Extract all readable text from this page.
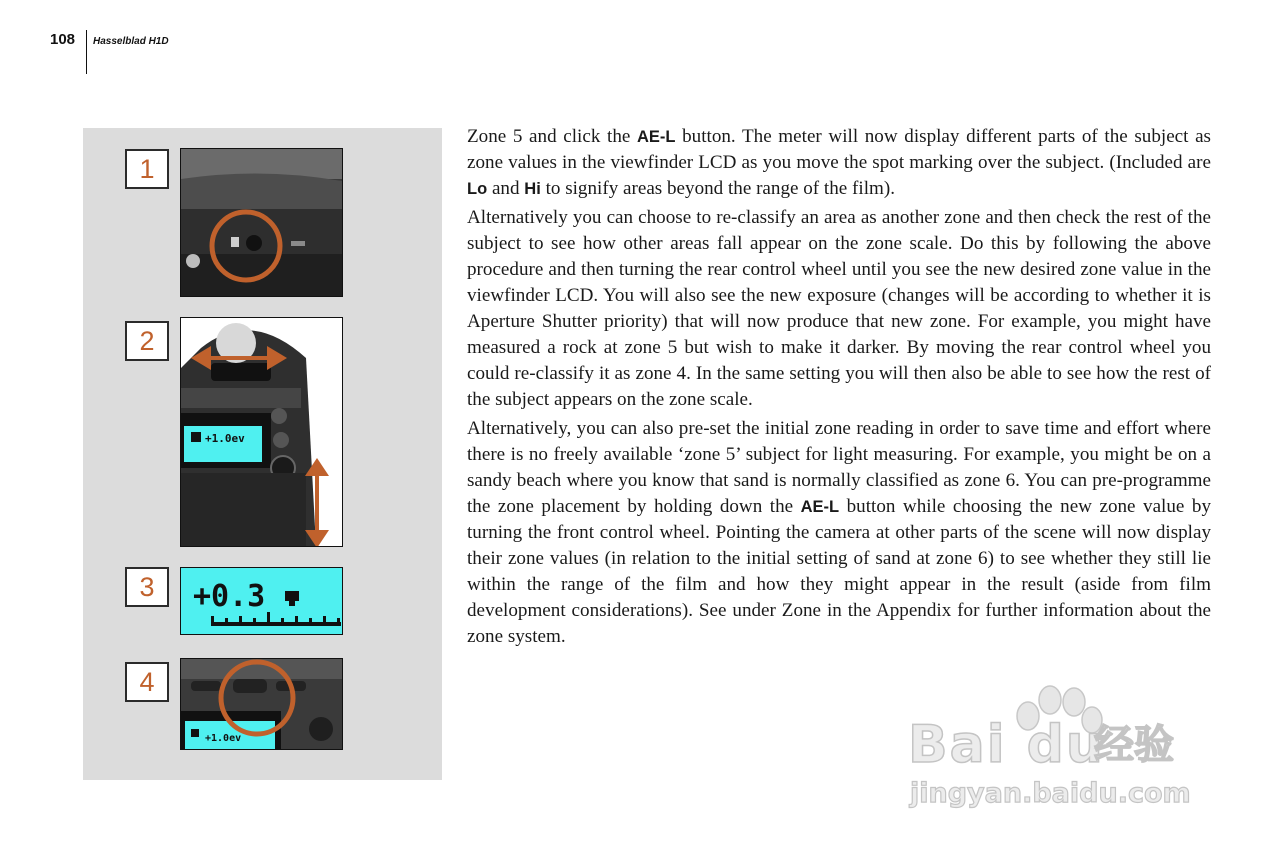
108 Hasselblad H1D
1
2
+1.0ev
3	+0.3
4
+1.0ev

Zone 5 and click the AE-L button. The meter will now display different parts of the subject as zone values in the viewfinder LCD as you move the spot marking over the subject. (Included are Lo and Hi to signify areas beyond the range of the film).

Alternatively you can choose to re-classify an area as another zone and then check the rest of the subject to see how other areas fall appear on the zone scale. Do this by following the above procedure and then turning the rear control wheel until you see the new desired zone value in the viewfinder LCD. You will also see the new exposure (changes will be according to whether it is Aperture Shutter priority) that will now produce that new zone. For example, you might have measured a rock at zone 5 but wish to make it darker. By moving the rear control wheel you could re-classify it as zone 4. In the same setting you will then also be able to see how the rest of the subject appears on the zone scale.

Alternatively, you can also pre-set the initial zone reading in order to save time and effort where there is no freely available ‘zone 5’ subject for light measuring. For example, you might be on a sandy beach where you know that sand is normally classified as zone 6. You can pre-programme the zone placement by holding down the AE-L button while choosing the new zone value by turning the front control wheel. Pointing the camera at other parts of the scene will now display their zone values (in relation to the initial setting of sand at zone 6) to see whether they still lie within the range of the film and how they might appear in the result (aside from film development considerations). See under Zone in the Appendix for further information about the zone system.

Bai du
经验
jingyan.baidu.com
